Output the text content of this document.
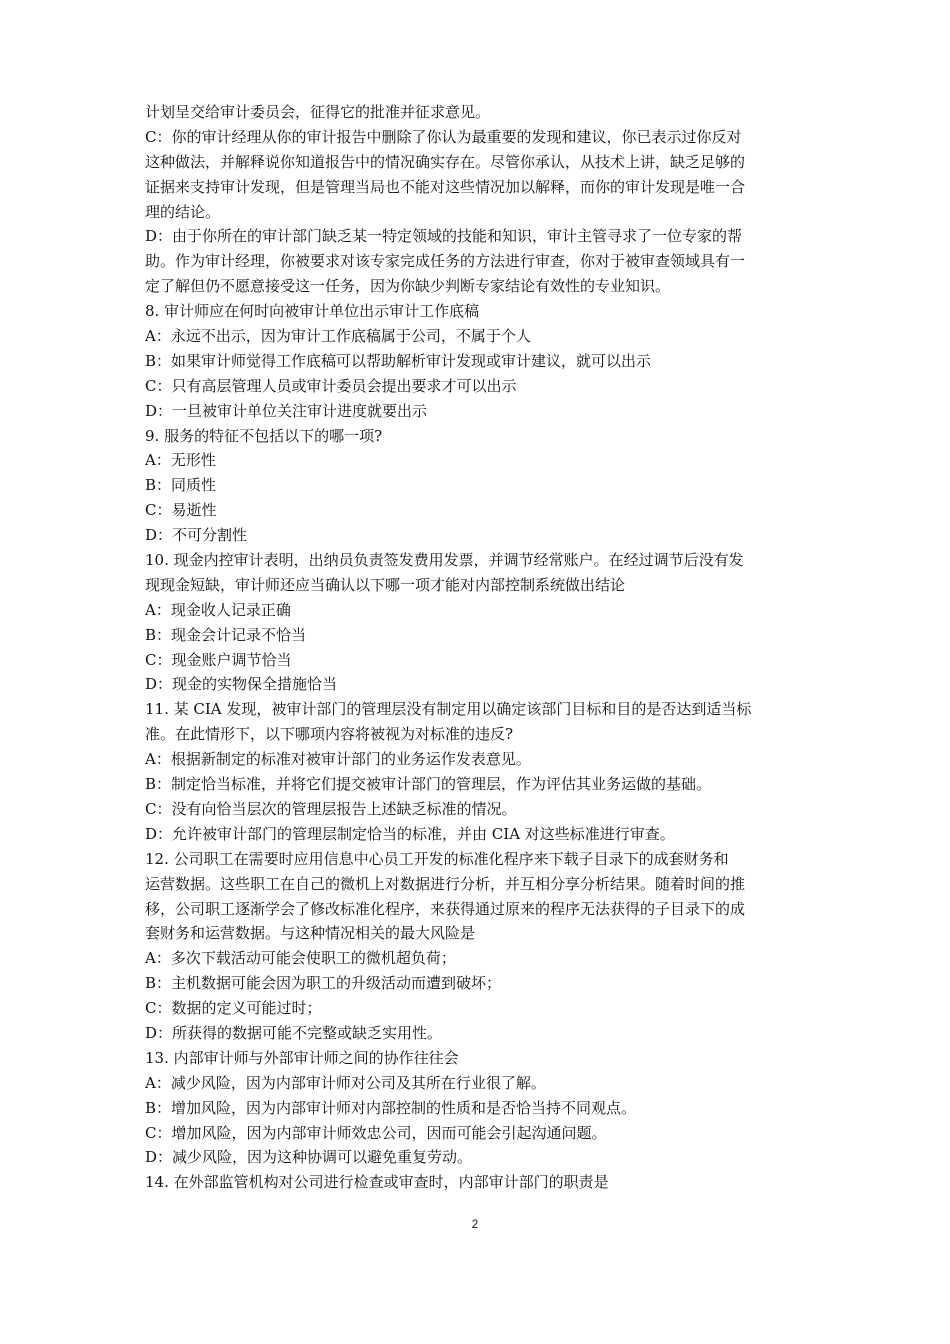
计划呈交给审计委员会，征得它的批准并征求意见。
C：你的审计经理从你的审计报告中删除了你认为最重要的发现和建议，你已表示过你反对
这种做法，并解释说你知道报告中的情况确实存在。尽管你承认，从技术上讲，缺乏足够的
证据来支持审计发现，但是管理当局也不能对这些情况加以解释，而你的审计发现是唯一合
理的结论。
D：由于你所在的审计部门缺乏某一特定领域的技能和知识，审计主管寻求了一位专家的帮
助。作为审计经理，你被要求对该专家完成任务的方法进行审查，你对于被审查领域具有一
定了解但仍不愿意接受这一任务，因为你缺少判断专家结论有效性的专业知识。
8. 审计师应在何时向被审计单位出示审计工作底稿
A：永远不出示，因为审计工作底稿属于公司，不属于个人
B：如果审计师觉得工作底稿可以帮助解析审计发现或审计建议，就可以出示
C：只有高层管理人员或审计委员会提出要求才可以出示
D：一旦被审计单位关注审计进度就要出示
9. 服务的特征不包括以下的哪一项?
A：无形性
B：同质性
C：易逝性
D：不可分割性
10. 现金内控审计表明，出纳员负责签发费用发票，并调节经常账户。在经过调节后没有发
现现金短缺，审计师还应当确认以下哪一项才能对内部控制系统做出结论
A：现金收人记录正确
B：现金会计记录不恰当
C：现金账户调节恰当
D：现金的实物保全措施恰当
11. 某 CIA 发现，被审计部门的管理层没有制定用以确定该部门目标和目的是否达到适当标
准。在此情形下，以下哪项内容将被视为对标准的违反?
A：根据新制定的标准对被审计部门的业务运作发表意见。
B：制定恰当标准，并将它们提交被审计部门的管理层，作为评估其业务运做的基础。
C：没有向恰当层次的管理层报告上述缺乏标准的情况。
D：允许被审计部门的管理层制定恰当的标准，并由 CIA 对这些标准进行审查。
12. 公司职工在需要时应用信息中心员工开发的标准化程序来下载子目录下的成套财务和
运营数据。这些职工在自己的微机上对数据进行分析，并互相分享分析结果。随着时间的推
移，公司职工逐渐学会了修改标准化程序，来获得通过原来的程序无法获得的子目录下的成
套财务和运营数据。与这种情况相关的最大风险是
A：多次下载活动可能会使职工的微机超负荷；
B：主机数据可能会因为职工的升级活动而遭到破坏；
C：数据的定义可能过时；
D：所获得的数据可能不完整或缺乏实用性。
13. 内部审计师与外部审计师之间的协作往往会
A：减少风险，因为内部审计师对公司及其所在行业很了解。
B：增加风险，因为内部审计师对内部控制的性质和是否恰当持不同观点。
C：增加风险，因为内部审计师效忠公司，因而可能会引起沟通问题。
D：减少风险，因为这种协调可以避免重复劳动。
14. 在外部监管机构对公司进行检查或审查时，内部审计部门的职责是
2
